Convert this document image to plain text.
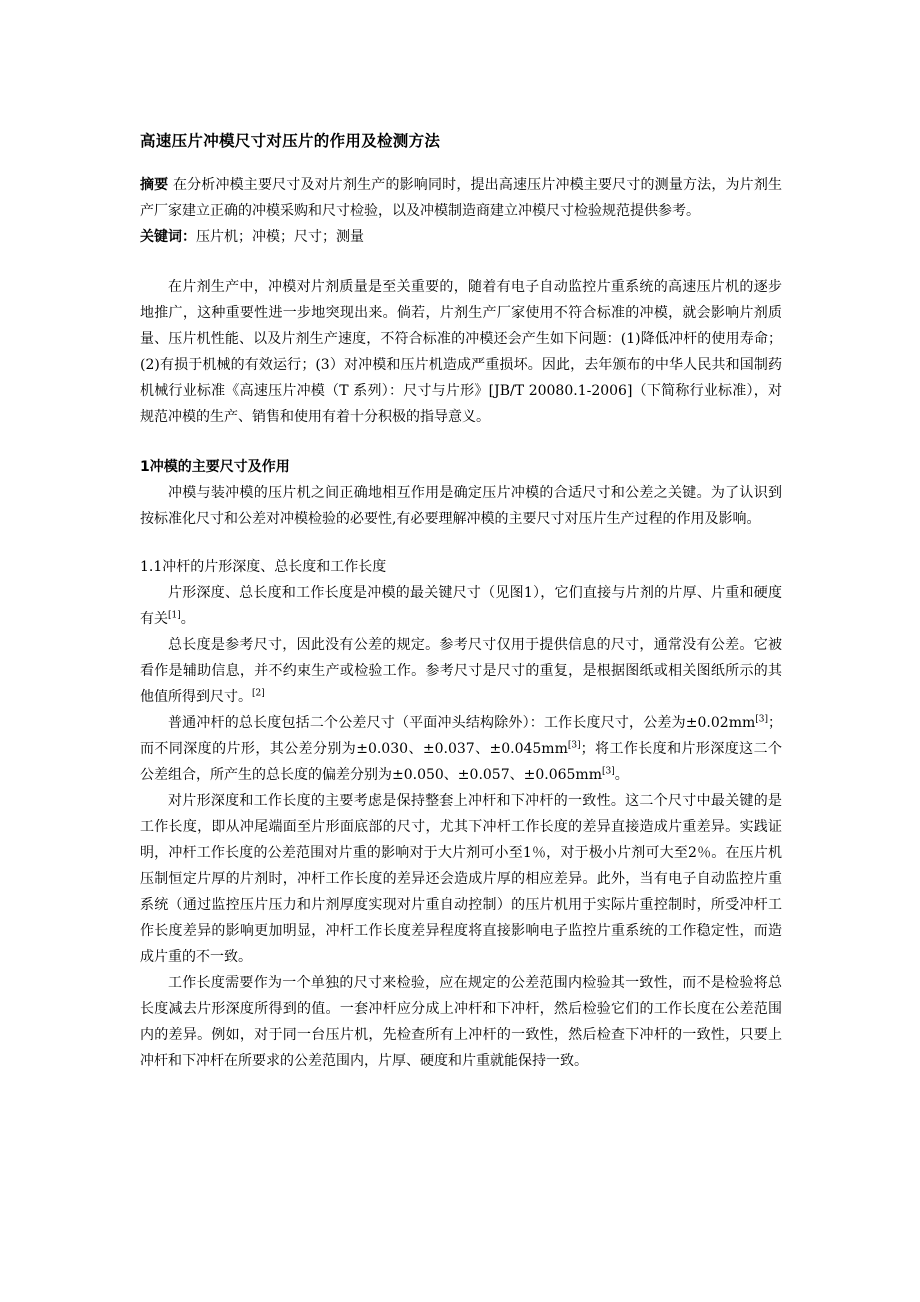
高速压片冲模尺寸对压片的作用及检测方法

摘要 在分析冲模主要尺寸及对片剂生产的影响同时，提出高速压片冲模主要尺寸的测量方法，为片剂生产厂家建立正确的冲模采购和尺寸检验，以及冲模制造商建立冲模尺寸检验规范提供参考。

关键词：压片机；冲模；尺寸；测量

在片剂生产中，冲模对片剂质量是至关重要的，随着有电子自动监控片重系统的高速压片机的逐步地推广，这种重要性进一步地突现出来。倘若，片剂生产厂家使用不符合标准的冲模，就会影响片剂质量、压片机性能、以及片剂生产速度，不符合标准的冲模还会产生如下问题：(1)降低冲杆的使用寿命；(2)有损于机械的有效运行；(3）对冲模和压片机造成严重损坏。因此，去年颁布的中华人民共和国制药机械行业标准《高速压片冲模（T 系列）：尺寸与片形》[JB/T 20080.1-2006]（下简称行业标准），对规范冲模的生产、销售和使用有着十分积极的指导意义。

1冲模的主要尺寸及作用

冲模与装冲模的压片机之间正确地相互作用是确定压片冲模的合适尺寸和公差之关键。为了认识到按标准化尺寸和公差对冲模检验的必要性,有必要理解冲模的主要尺寸对压片生产过程的作用及影响。

1.1冲杆的片形深度、总长度和工作长度

片形深度、总长度和工作长度是冲模的最关键尺寸（见图1），它们直接与片剂的片厚、片重和硬度有关[1]。

总长度是参考尺寸，因此没有公差的规定。参考尺寸仅用于提供信息的尺寸，通常没有公差。它被看作是辅助信息，并不约束生产或检验工作。参考尺寸是尺寸的重复，是根据图纸或相关图纸所示的其他值所得到尺寸。[2]

普通冲杆的总长度包括二个公差尺寸（平面冲头结构除外）：工作长度尺寸，公差为±0.02mm[3]；而不同深度的片形，其公差分别为±0.030、±0.037、±0.045mm[3]；将工作长度和片形深度这二个公差组合，所产生的总长度的偏差分别为±0.050、±0.057、±0.065mm[3]。

对片形深度和工作长度的主要考虑是保持整套上冲杆和下冲杆的一致性。这二个尺寸中最关键的是工作长度，即从冲尾端面至片形面底部的尺寸，尤其下冲杆工作长度的差异直接造成片重差异。实践证明，冲杆工作长度的公差范围对片重的影响对于大片剂可小至1％，对于极小片剂可大至2％。在压片机压制恒定片厚的片剂时，冲杆工作长度的差异还会造成片厚的相应差异。此外，当有电子自动监控片重系统（通过监控压片压力和片剂厚度实现对片重自动控制）的压片机用于实际片重控制时，所受冲杆工作长度差异的影响更加明显，冲杆工作长度差异程度将直接影响电子监控片重系统的工作稳定性，而造成片重的不一致。

工作长度需要作为一个单独的尺寸来检验，应在规定的公差范围内检验其一致性，而不是检验将总长度减去片形深度所得到的值。一套冲杆应分成上冲杆和下冲杆，然后检验它们的工作长度在公差范围内的差异。例如，对于同一台压片机，先检查所有上冲杆的一致性，然后检查下冲杆的一致性，只要上冲杆和下冲杆在所要求的公差范围内，片厚、硬度和片重就能保持一致。
